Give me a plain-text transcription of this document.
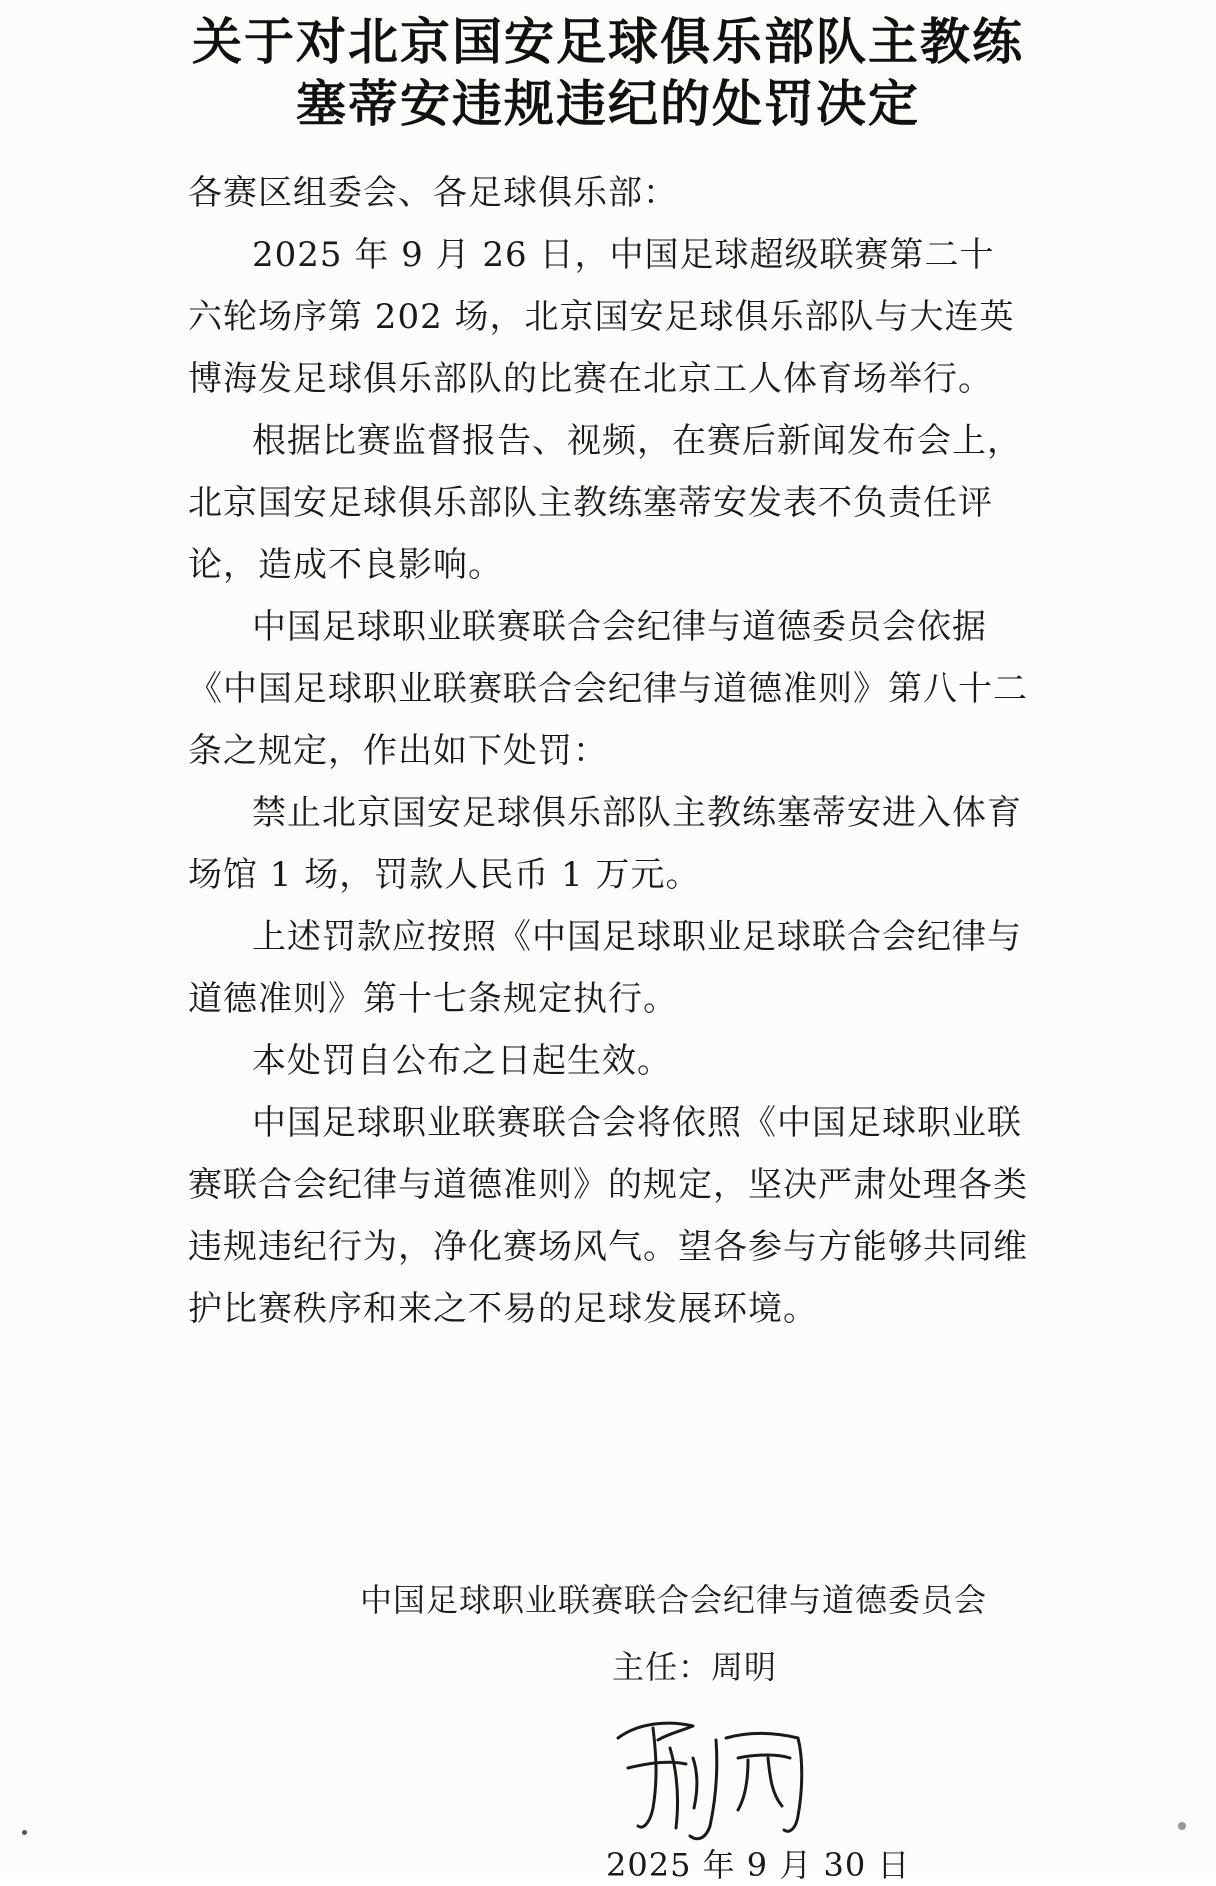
关于对北京国安足球俱乐部队主教练
塞蒂安违规违纪的处罚决定

各赛区组委会、各足球俱乐部：

2025 年 9 月 26 日，中国足球超级联赛第二十六轮场序第 202 场，北京国安足球俱乐部队与大连英博海发足球俱乐部队的比赛在北京工人体育场举行。

根据比赛监督报告、视频，在赛后新闻发布会上，北京国安足球俱乐部队主教练塞蒂安发表不负责任评论，造成不良影响。

中国足球职业联赛联合会纪律与道德委员会依据《中国足球职业联赛联合会纪律与道德准则》第八十二条之规定，作出如下处罚：

禁止北京国安足球俱乐部队主教练塞蒂安进入体育场馆 1 场，罚款人民币 1 万元。

上述罚款应按照《中国足球职业足球联合会纪律与道德准则》第十七条规定执行。

本处罚自公布之日起生效。

中国足球职业联赛联合会将依照《中国足球职业联赛联合会纪律与道德准则》的规定，坚决严肃处理各类违规违纪行为，净化赛场风气。望各参与方能够共同维护比赛秩序和来之不易的足球发展环境。

中国足球职业联赛联合会纪律与道德委员会
主任：周明
2025 年 9 月 30 日
